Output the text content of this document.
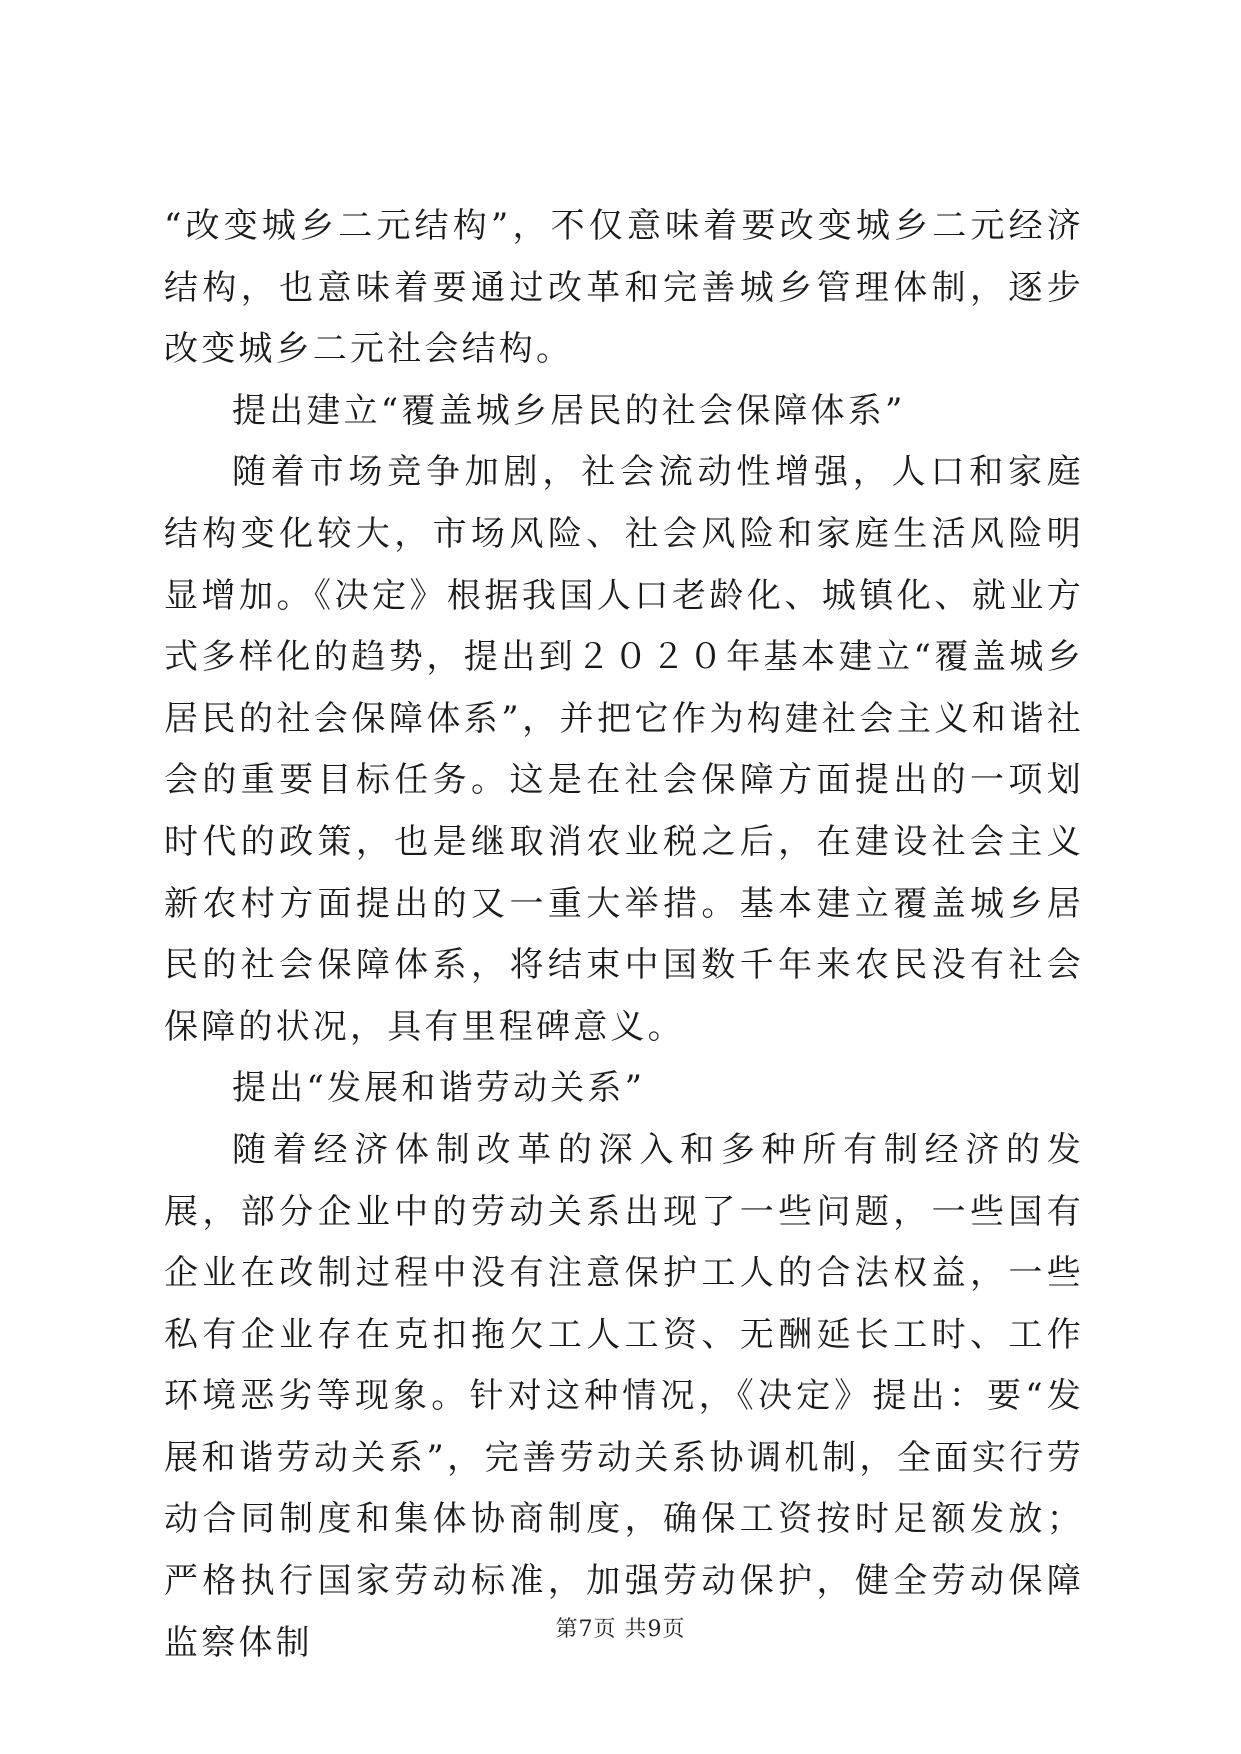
“改变城乡二元结构”，不仅意味着要改变城乡二元经济结构，也意味着要通过改革和完善城乡管理体制，逐步改变城乡二元社会结构。

提出建立“覆盖城乡居民的社会保障体系”

随着市场竞争加剧，社会流动性增强，人口和家庭结构变化较大，市场风险、社会风险和家庭生活风险明显增加。《决定》根据我国人口老龄化、城镇化、就业方式多样化的趋势，提出到２０２０年基本建立“覆盖城乡居民的社会保障体系”，并把它作为构建社会主义和谐社会的重要目标任务。这是在社会保障方面提出的一项划时代的政策，也是继取消农业税之后，在建设社会主义新农村方面提出的又一重大举措。基本建立覆盖城乡居民的社会保障体系，将结束中国数千年来农民没有社会保障的状况，具有里程碑意义。

提出“发展和谐劳动关系”

随着经济体制改革的深入和多种所有制经济的发展，部分企业中的劳动关系出现了一些问题，一些国有企业在改制过程中没有注意保护工人的合法权益，一些私有企业存在克扣拖欠工人工资、无酬延长工时、工作环境恶劣等现象。针对这种情况，《决定》提出：要“发展和谐劳动关系”，完善劳动关系协调机制，全面实行劳动合同制度和集体协商制度，确保工资按时足额发放；严格执行国家劳动标准，加强劳动保护，健全劳动保障监察体制	第7页 共9页
